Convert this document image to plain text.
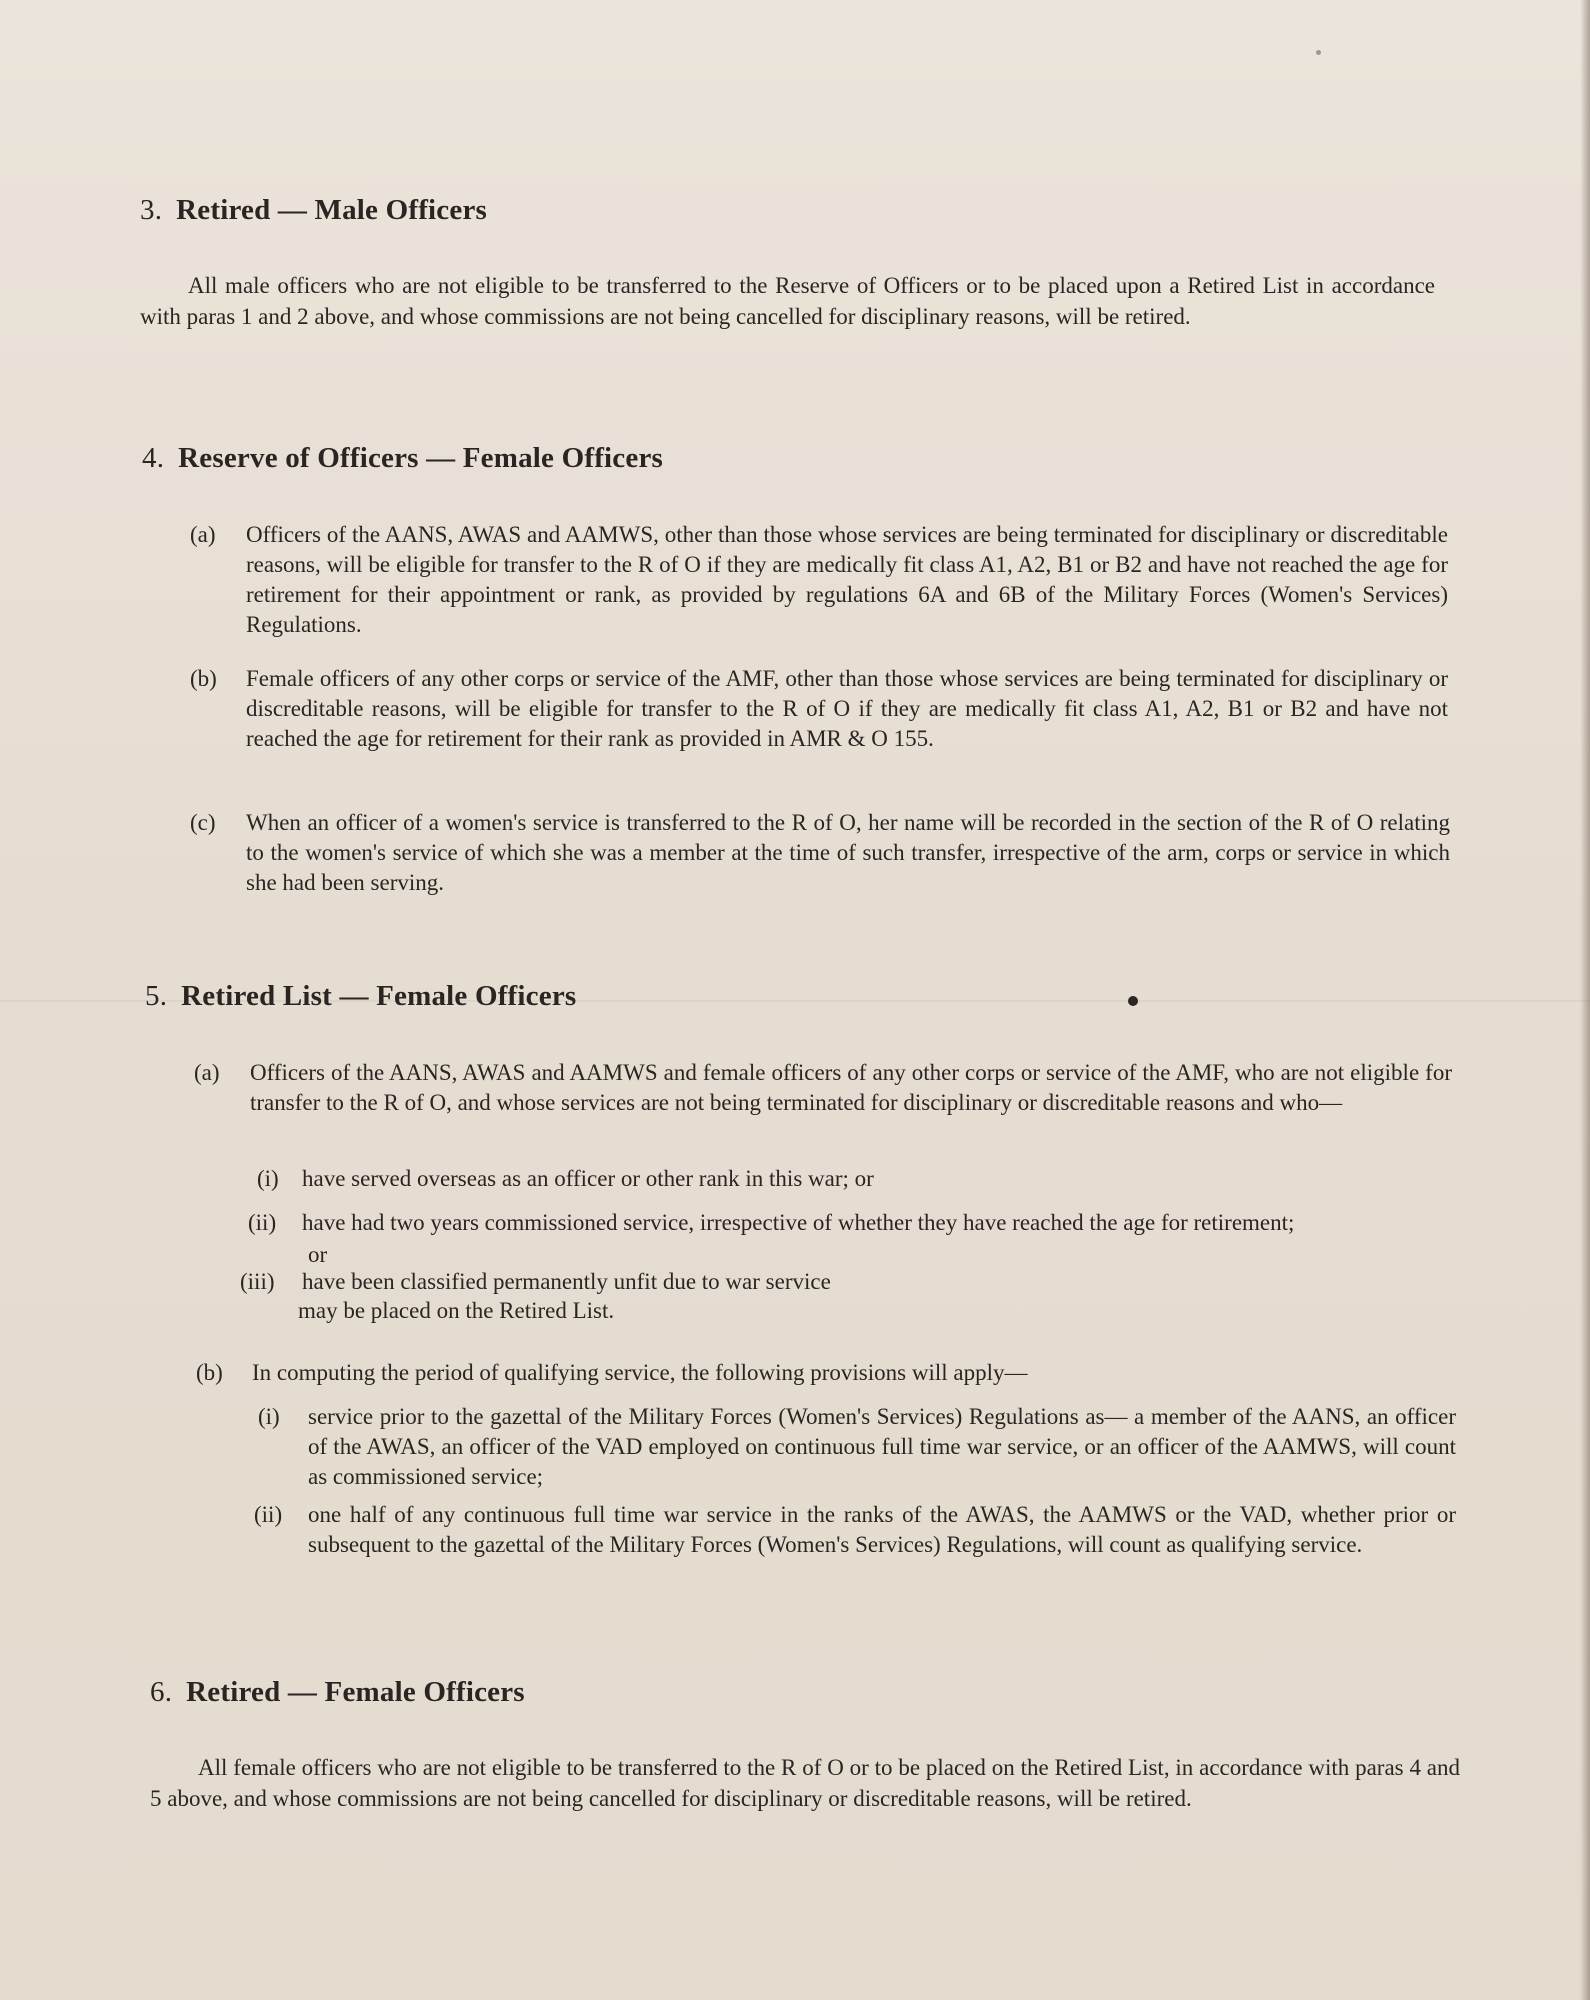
3. Retired — Male Officers
All male officers who are not eligible to be transferred to the Reserve of Officers or to be placed upon a Retired List in accordance with paras 1 and 2 above, and whose commissions are not being cancelled for disciplinary reasons, will be retired.
4. Reserve of Officers — Female Officers
(a) Officers of the AANS, AWAS and AAMWS, other than those whose services are being terminated for disciplinary or discreditable reasons, will be eligible for transfer to the R of O if they are medically fit class A1, A2, B1 or B2 and have not reached the age for retirement for their appointment or rank, as provided by regulations 6A and 6B of the Military Forces (Women's Services) Regulations.
(b) Female officers of any other corps or service of the AMF, other than those whose services are being terminated for disciplinary or discreditable reasons, will be eligible for transfer to the R of O if they are medically fit class A1, A2, B1 or B2 and have not reached the age for retirement for their rank as provided in AMR & O 155.
(c) When an officer of a women's service is transferred to the R of O, her name will be recorded in the section of the R of O relating to the women's service of which she was a member at the time of such transfer, irrespective of the arm, corps or service in which she had been serving.
5. Retired List — Female Officers
(a) Officers of the AANS, AWAS and AAMWS and female officers of any other corps or service of the AMF, who are not eligible for transfer to the R of O, and whose services are not being terminated for disciplinary or discreditable reasons and who—
(i) have served overseas as an officer or other rank in this war; or
(ii) have had two years commissioned service, irrespective of whether they have reached the age for retirement;
or
(iii) have been classified permanently unfit due to war service
may be placed on the Retired List.
(b) In computing the period of qualifying service, the following provisions will apply—
(i) service prior to the gazettal of the Military Forces (Women's Services) Regulations as— a member of the AANS, an officer of the AWAS, an officer of the VAD employed on continuous full time war service, or an officer of the AAMWS, will count as commissioned service;
(ii) one half of any continuous full time war service in the ranks of the AWAS, the AAMWS or the VAD, whether prior or subsequent to the gazettal of the Military Forces (Women's Services) Regulations, will count as qualifying service.
6. Retired — Female Officers
All female officers who are not eligible to be transferred to the R of O or to be placed on the Retired List, in accordance with paras 4 and 5 above, and whose commissions are not being cancelled for disciplinary or discreditable reasons, will be retired.
